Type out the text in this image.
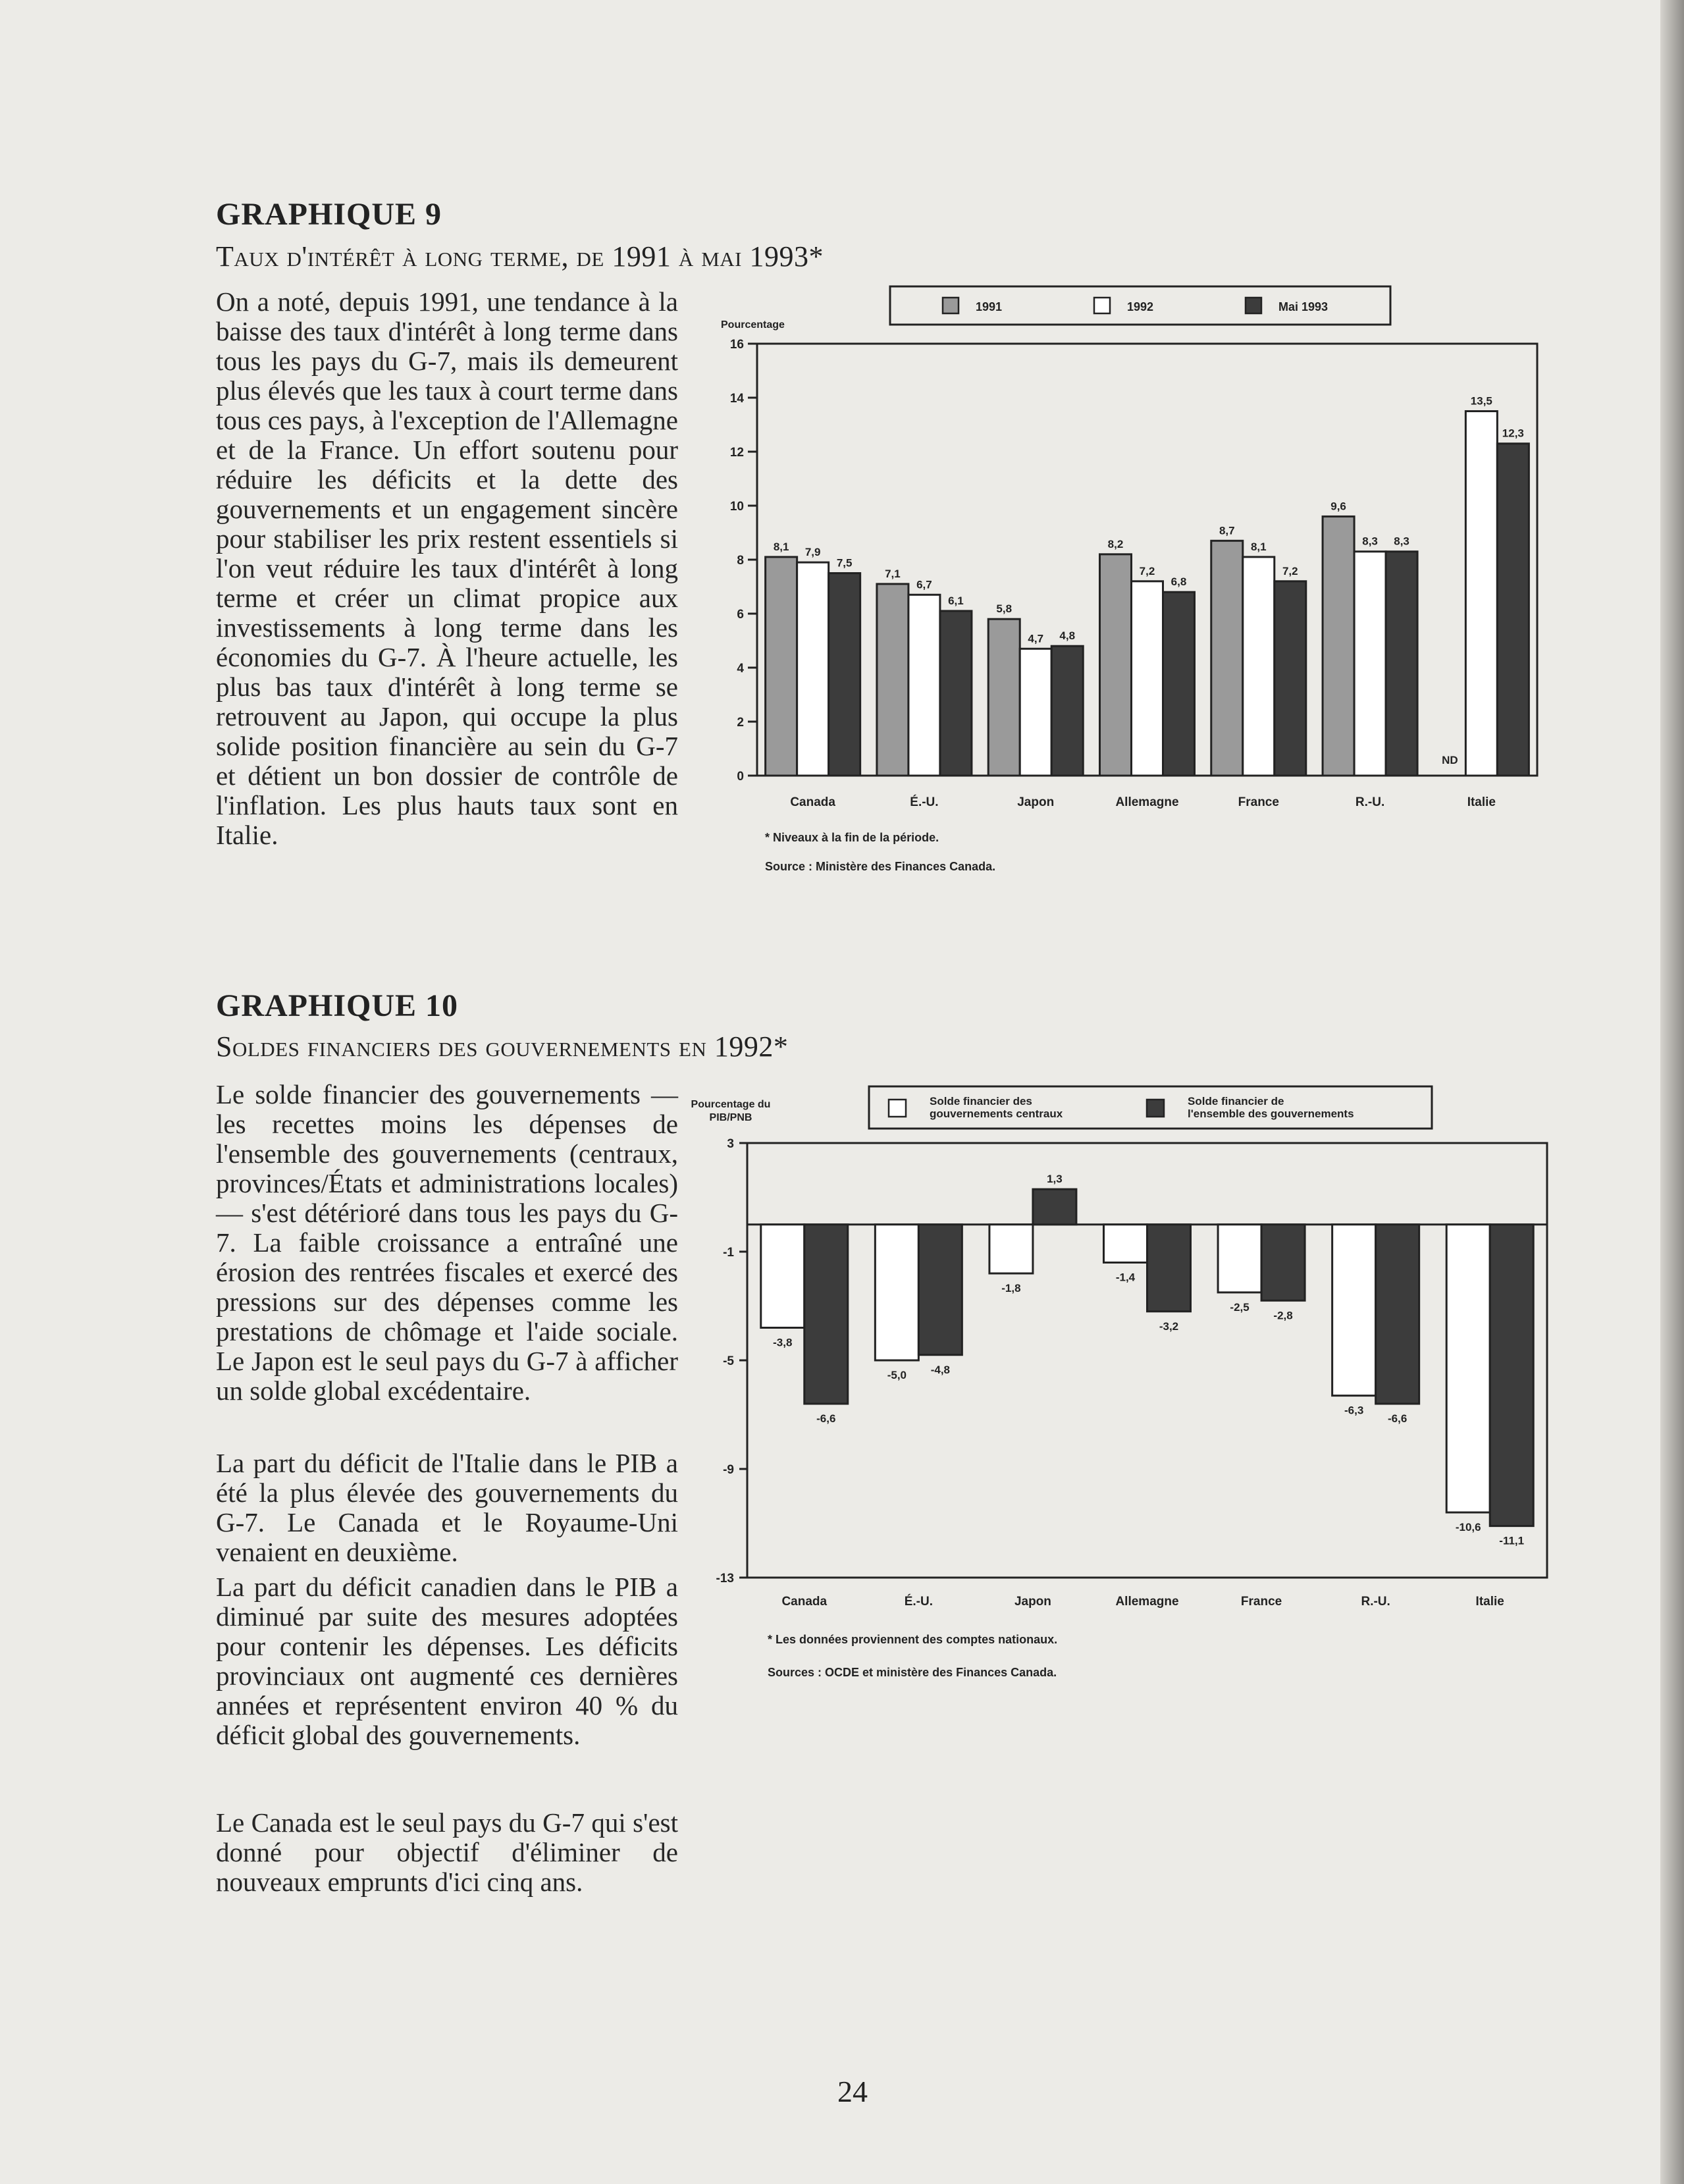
GRAPHIQUE 9
Taux d'intérêt à long terme, de 1991 à mai 1993*

On a noté, depuis 1991, une tendance à la baisse des taux d'intérêt à long terme dans tous les pays du G-7, mais ils demeurent plus élevés que les taux à court terme dans tous ces pays, à l'exception de l'Allemagne et de la France. Un effort soutenu pour réduire les déficits et la dette des gouvernements et un engagement sincère pour stabiliser les prix restent essentiels si l'on veut réduire les taux d'intérêt à long terme et créer un climat propice aux investissements à long terme dans les économies du G-7. À l'heure actuelle, les plus bas taux d'intérêt à long terme se retrouvent au Japon, qui occupe la plus solide position financière au sein du G-7 et détient un bon dossier de contrôle de l'inflation. Les plus hauts taux sont en Italie.

1991	1992	Mai 1993
Pourcentage
0
2
4
6
8
10
12
14
16
8,1 7,9
7,5
Canada
7,1
6,7
6,1
É.-U.
5,8
4,7 4,8
Japon
8,2
7,2
6,8
Allemagne
8,7
8,1
7,2
France
9,6
8,3 8,3
R.-U.
ND
13,5
12,3
Italie
* Niveaux à la fin de la période.
Source : Ministère des Finances Canada.
GRAPHIQUE 10
Soldes financiers des gouvernements en 1992*

Le solde financier des gouvernements — les recettes moins les dépenses de l'ensemble des gouvernements (centraux, provinces/États et administrations locales) — s'est détérioré dans tous les pays du G-7. La faible croissance a entraîné une érosion des rentrées fiscales et exercé des pressions sur des dépenses comme les prestations de chômage et l'aide sociale. Le Japon est le seul pays du G-7 à afficher un solde global excédentaire.

La part du déficit de l'Italie dans le PIB a été la plus élevée des gouvernements du G-7. Le Canada et le Royaume-Uni venaient en deuxième.

La part du déficit canadien dans le PIB a diminué par suite des mesures adoptées pour contenir les dépenses. Les déficits provinciaux ont augmenté ces dernières années et représentent environ 40 % du déficit global des gouvernements.

Le Canada est le seul pays du G-7 qui s'est donné pour objectif d'éliminer de nouveaux emprunts d'ici cinq ans.

Pourcentage du PIB/PNB
Solde financier des gouvernements centraux
Solde financier de l'ensemble des gouvernements
3
-1
-5
-9
-13
-3,8
-6,6
Canada
-5,0 -4,8
É.-U.
-1,8
1,3
Japon
-1,4
-3,2
Allemagne
-2,5
-2,8
France
-6,3
-6,6
R.-U.
-10,6
-11,1
Italie
* Les données proviennent des comptes nationaux.
Sources : OCDE et ministère des Finances Canada.
24
